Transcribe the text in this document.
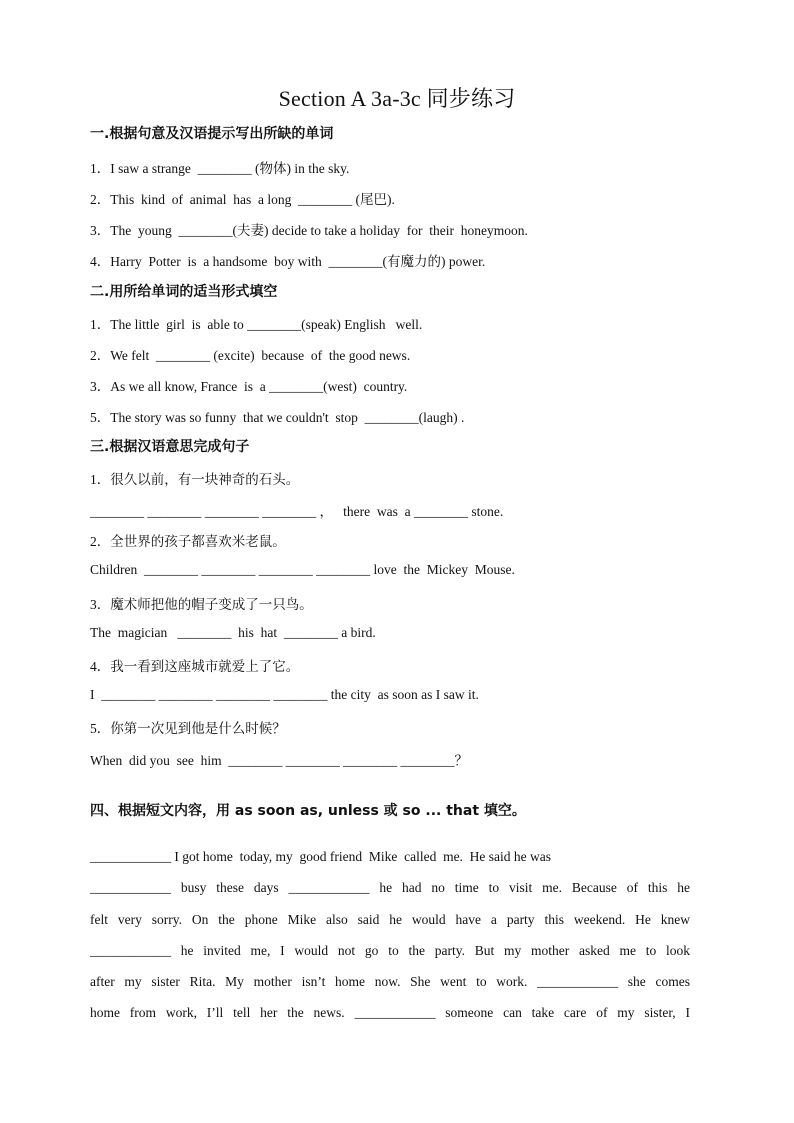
Section A 3a-3c 同步练习
一.根据句意及汉语提示写出所缺的单词
1．I saw a strange  ________ (物体) in the sky.
2．This  kind  of  animal  has  a long  ________ (尾巴).
3．The  young  ________(夫妻) decide to take a holiday  for  their  honeymoon.
4．Harry  Potter  is  a handsome  boy with  ________(有魔力的) power.
二.用所给单词的适当形式填空
1．The little  girl  is  able to ________(speak) English   well.
2．We felt  ________ (excite)  because  of  the good news.
3．As we all know, France  is  a ________(west)  country.
5．The story was so funny  that we couldn't  stop  ________(laugh) .
三.根据汉语意思完成句子
1．很久以前，有一块神奇的石头。
________ ________ ________ ________ ，   there  was  a ________ stone.
2．全世界的孩子都喜欢米老鼠。
Children  ________ ________ ________ ________ love  the  Mickey  Mouse.
3．魔术师把他的帽子变成了一只鸟。
The  magician   ________  his  hat  ________ a bird.
4．我一看到这座城市就爱上了它。
I  ________ ________ ________ ________ the city  as soon as I saw it.
5．你第一次见到他是什么时候？
When  did you  see  him  ________ ________ ________ ________？
四、根据短文内容，用 as soon as, unless 或 so ... that 填空。
____________ I got home  today, my  good friend  Mike  called  me.  He said he was
____________ busy these days ____________ he had no time to visit me. Because of this he
felt very sorry. On the phone Mike also said he would have a party this weekend. He knew
____________ he invited me, I would not go to the party. But my mother asked me to look
after my sister Rita. My mother isn’t home now. She went to work. ____________ she comes
home from work, I’ll tell her the news. ____________ someone can take care of my sister, I
